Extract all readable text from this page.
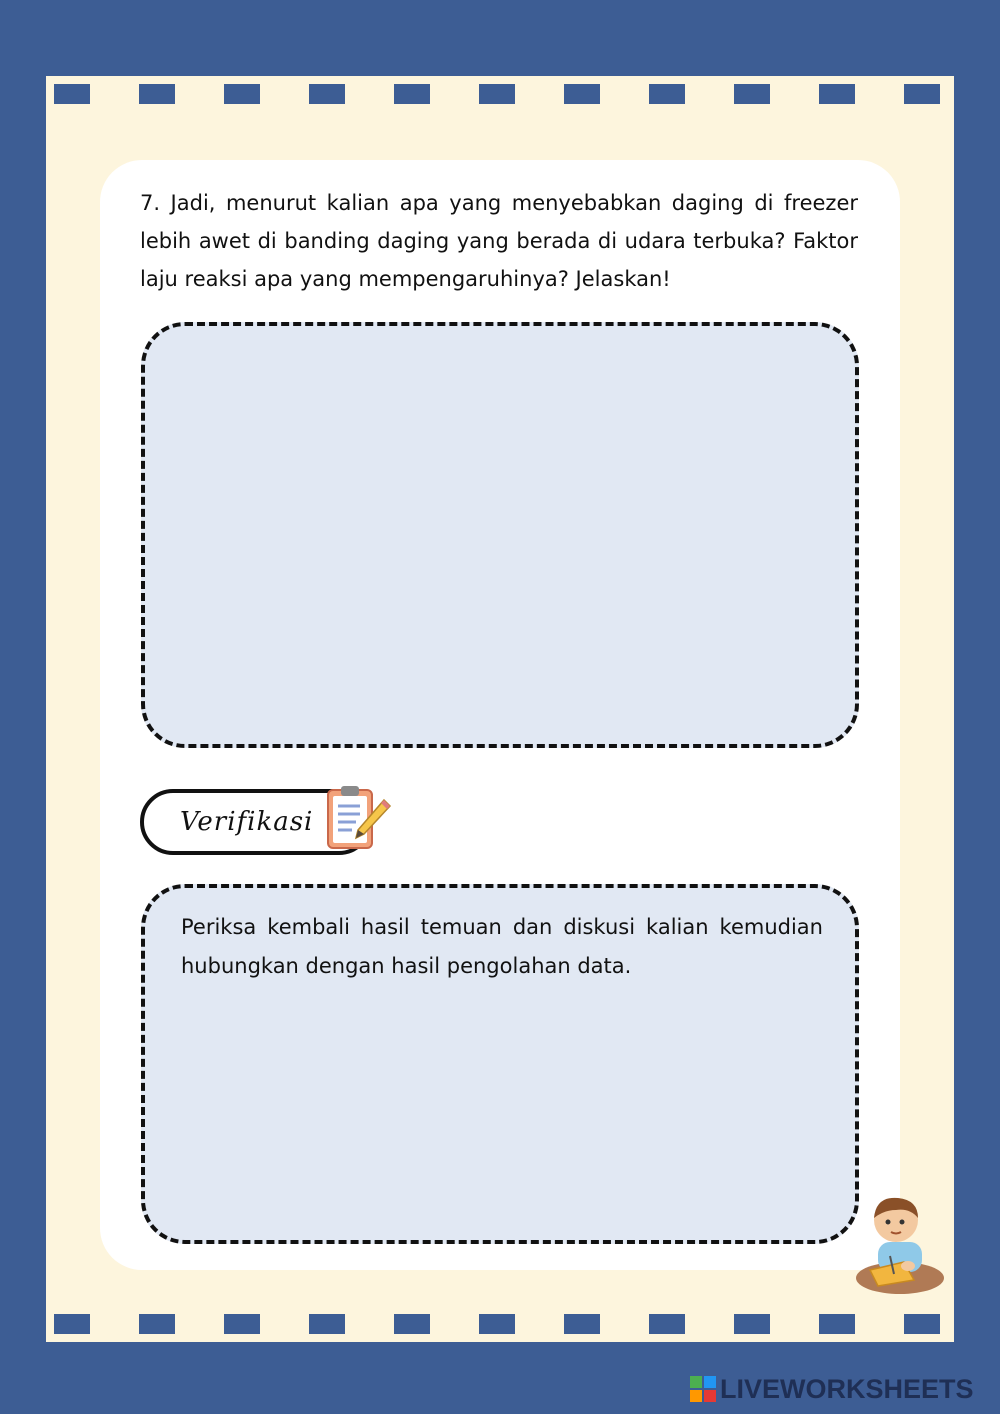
7. Jadi, menurut kalian apa yang menyebabkan daging di freezer lebih awet di banding daging yang berada di udara terbuka? Faktor laju reaksi apa yang mempengaruhinya? Jelaskan!

Verifikasi

Periksa kembali hasil temuan dan diskusi kalian kemudian hubungkan dengan hasil pengolahan data.

LIVEWORKSHEETS
